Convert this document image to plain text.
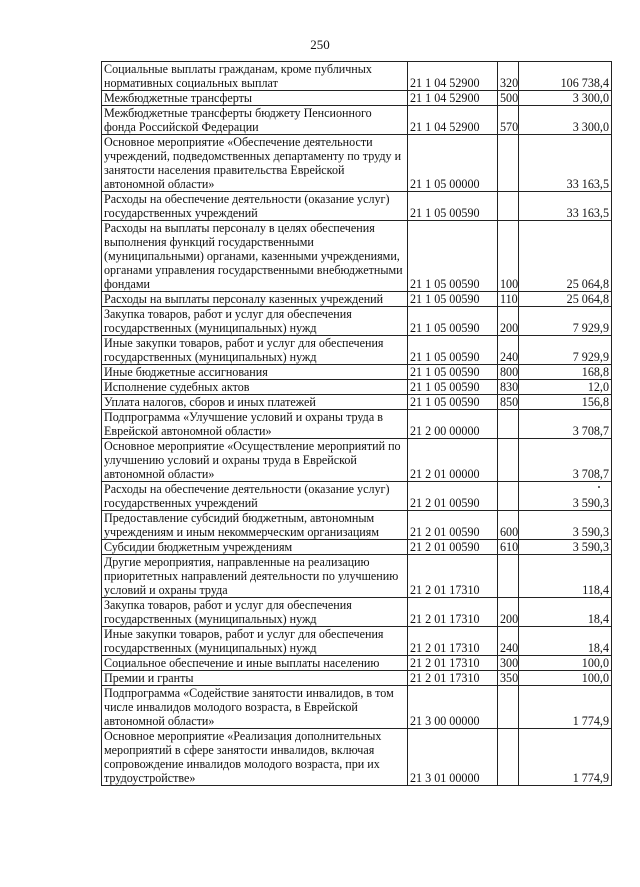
250
Социальные выплаты гражданам, кроме публичных нормативных социальных выплат	21 1 04 52900	320	106 738,4
Межбюджетные трансферты	21 1 04 52900	500	3 300,0
Межбюджетные трансферты бюджету Пенсионного фонда Российской Федерации	21 1 04 52900	570	3 300,0
Основное мероприятие «Обеспечение деятельности учреждений, подведомственных департаменту по труду и занятости населения правительства Еврейской автономной области»	21 1 05 00000		33 163,5
Расходы на обеспечение деятельности (оказание услуг) государственных учреждений	21 1 05 00590		33 163,5
Расходы на выплаты персоналу в целях обеспечения выполнения функций государственными (муниципальными) органами, казенными учреждениями, органами управления государственными внебюджетными фондами	21 1 05 00590	100	25 064,8
Расходы на выплаты персоналу казенных учреждений	21 1 05 00590	110	25 064,8
Закупка товаров, работ и услуг для обеспечения государственных (муниципальных) нужд	21 1 05 00590	200	7 929,9
Иные закупки товаров, работ и услуг для обеспечения государственных (муниципальных) нужд	21 1 05 00590	240	7 929,9
Иные бюджетные ассигнования	21 1 05 00590	800	168,8
Исполнение судебных актов	21 1 05 00590	830	12,0
Уплата налогов, сборов и иных платежей	21 1 05 00590	850	156,8
Подпрограмма «Улучшение условий и охраны труда в Еврейской автономной области»	21 2 00 00000		3 708,7
Основное мероприятие «Осуществление мероприятий по улучшению условий и охраны труда в Еврейской автономной области»	21 2 01 00000		3 708,7
Расходы на обеспечение деятельности (оказание услуг) государственных учреждений	21 2 01 00590		3 590,3
Предоставление субсидий бюджетным, автономным учреждениям и иным некоммерческим организациям	21 2 01 00590	600	3 590,3
Субсидии бюджетным учреждениям	21 2 01 00590	610	3 590,3
Другие мероприятия, направленные на реализацию приоритетных направлений деятельности по улучшению условий и охраны труда	21 2 01 17310		118,4
Закупка товаров, работ и услуг для обеспечения государственных (муниципальных) нужд	21 2 01 17310	200	18,4
Иные закупки товаров, работ и услуг для обеспечения государственных (муниципальных) нужд	21 2 01 17310	240	18,4
Социальное обеспечение и иные выплаты населению	21 2 01 17310	300	100,0
Премии и гранты	21 2 01 17310	350	100,0
Подпрограмма «Содействие занятости инвалидов, в том числе инвалидов молодого возраста, в Еврейской автономной области»	21 3 00 00000		1 774,9
Основное мероприятие «Реализация дополнительных мероприятий в сфере занятости инвалидов, включая сопровождение инвалидов молодого возраста, при их трудоустройстве»	21 3 01 00000		1 774,9
